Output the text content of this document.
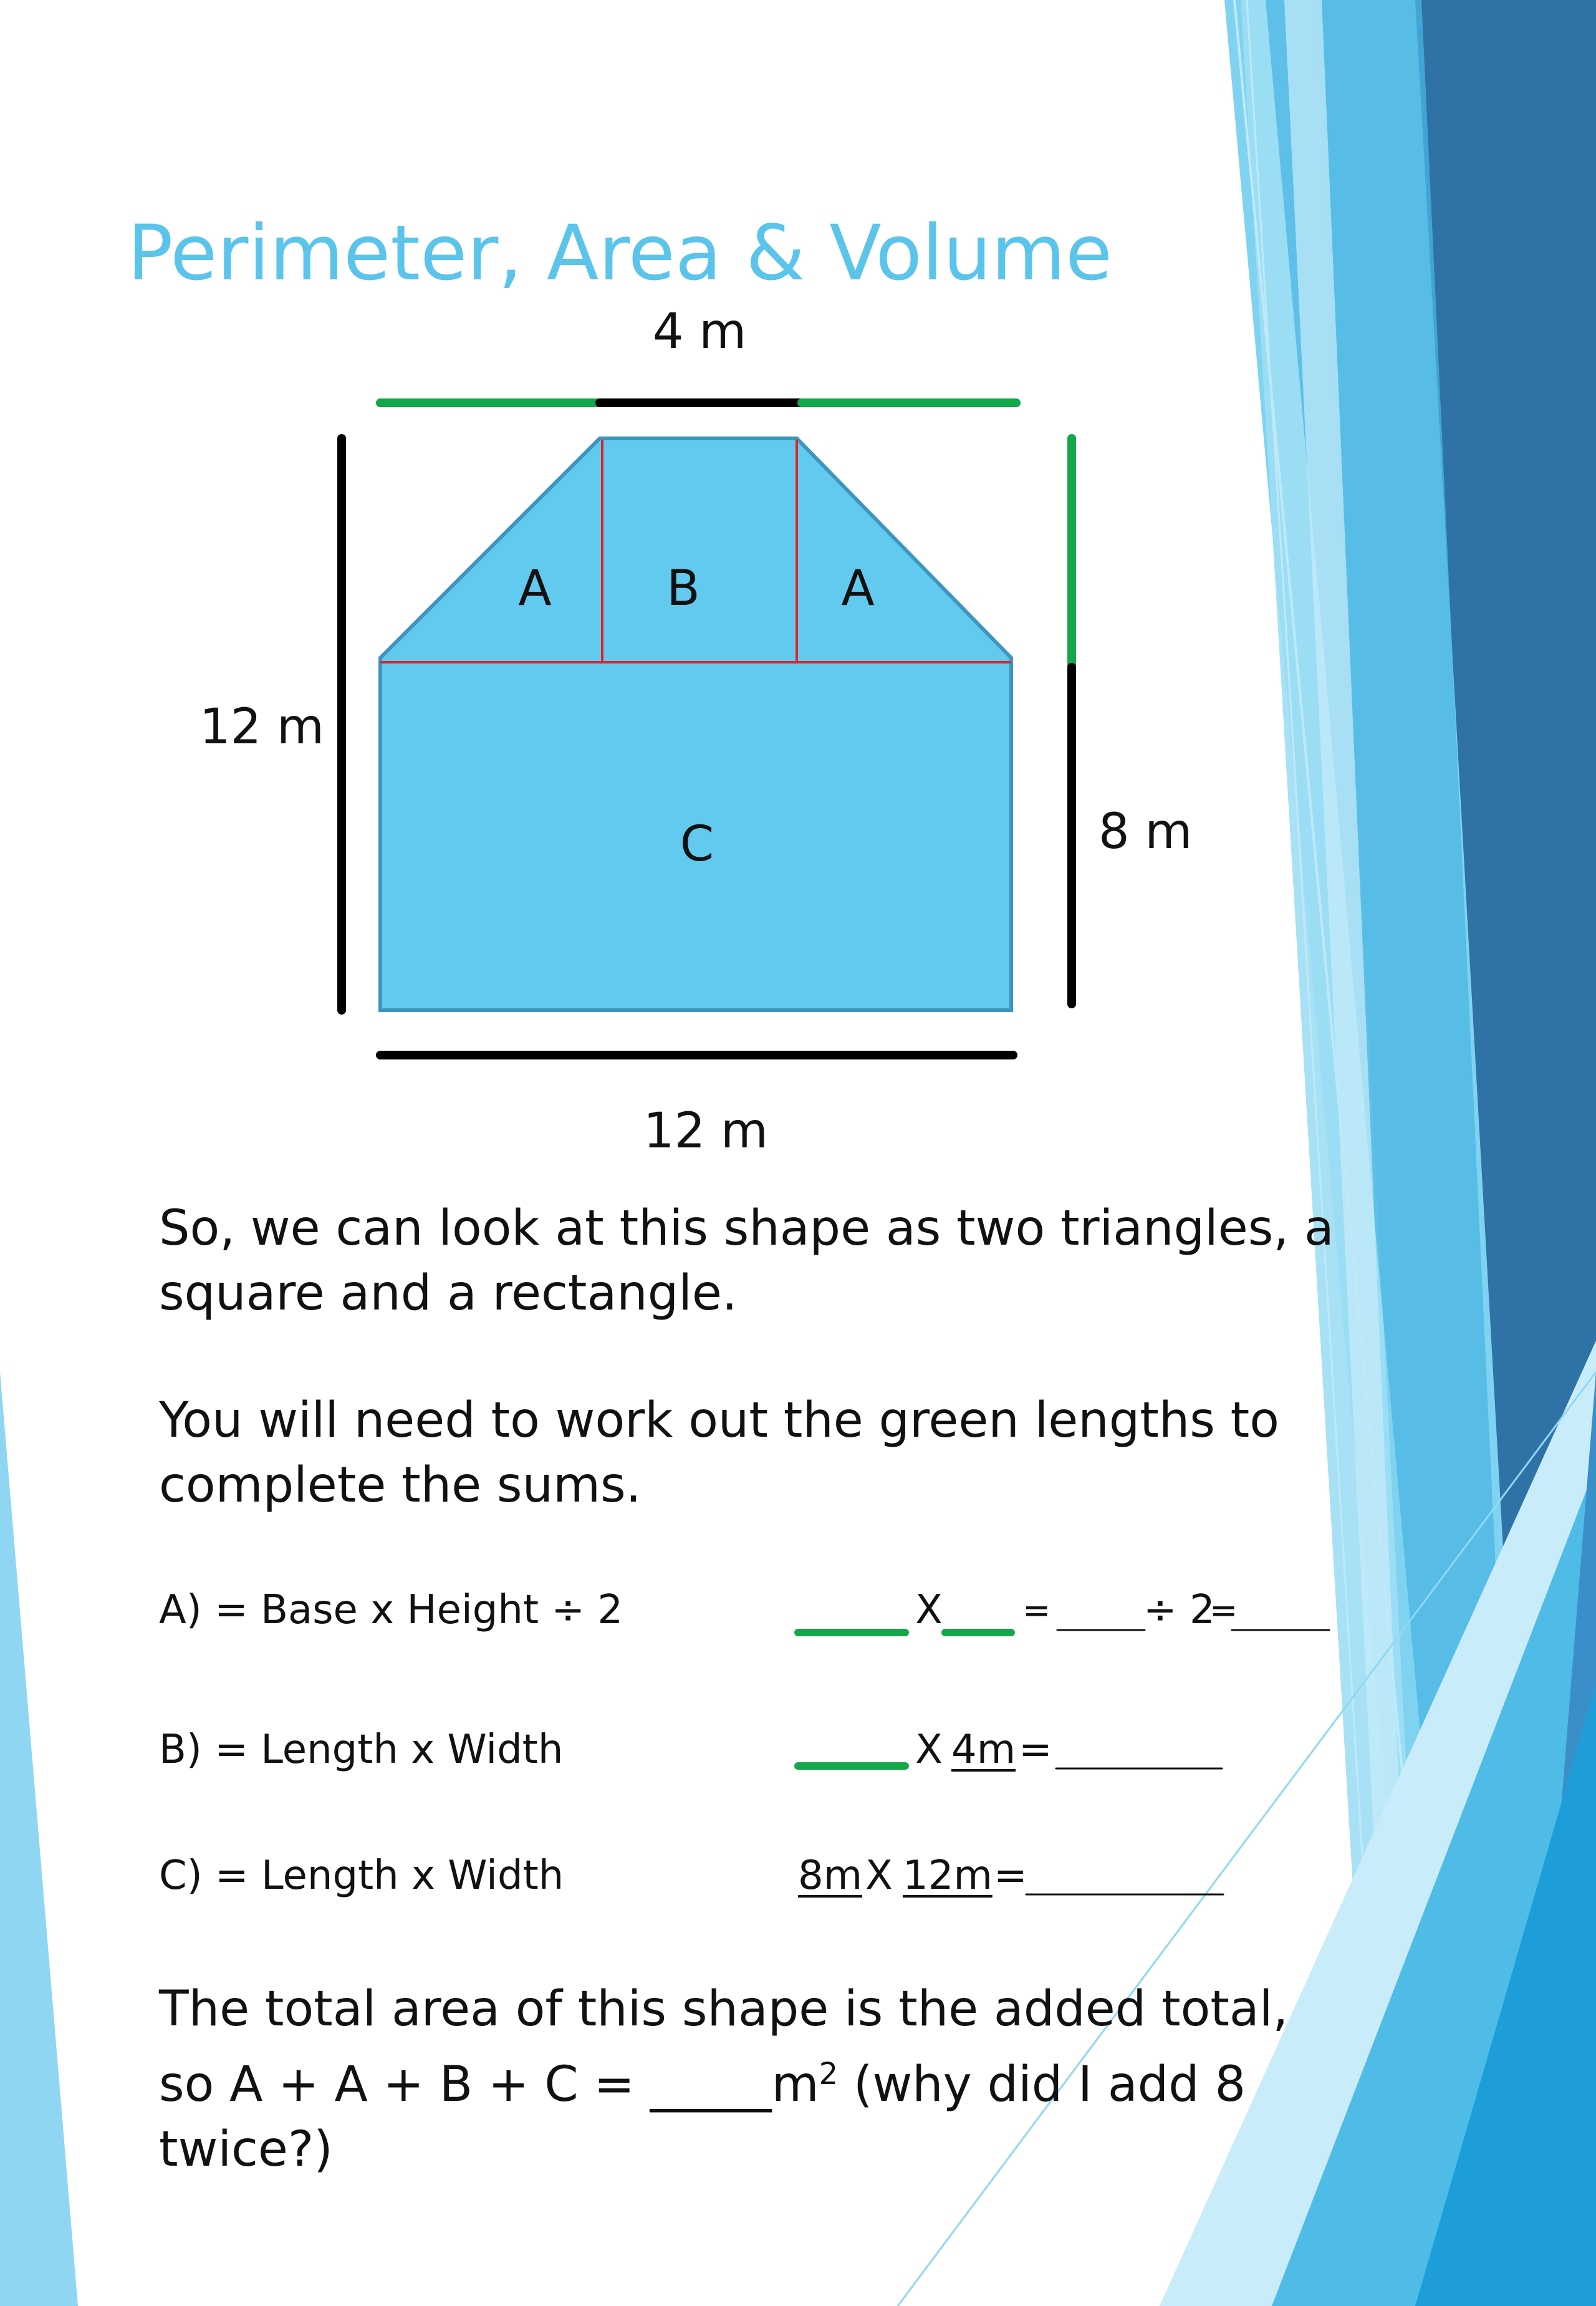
A B	A
C
4 m
12 m
8 m
12 m
Perimeter, Area & Volume

So, we can look at this shape as two triangles, a square and a rectangle.

You will need to work out the green lengths to complete the sums.

A) = Base x Height ÷ 2
B) = Length x Width
C) = Length x Width
X = ÷ 2
=
X 4m =
8m X 12m =

The total area of this shape is the added total,
so $A + A + B + C = \_\_\_\_\_m^2$ (why did I add 8
twice?)
